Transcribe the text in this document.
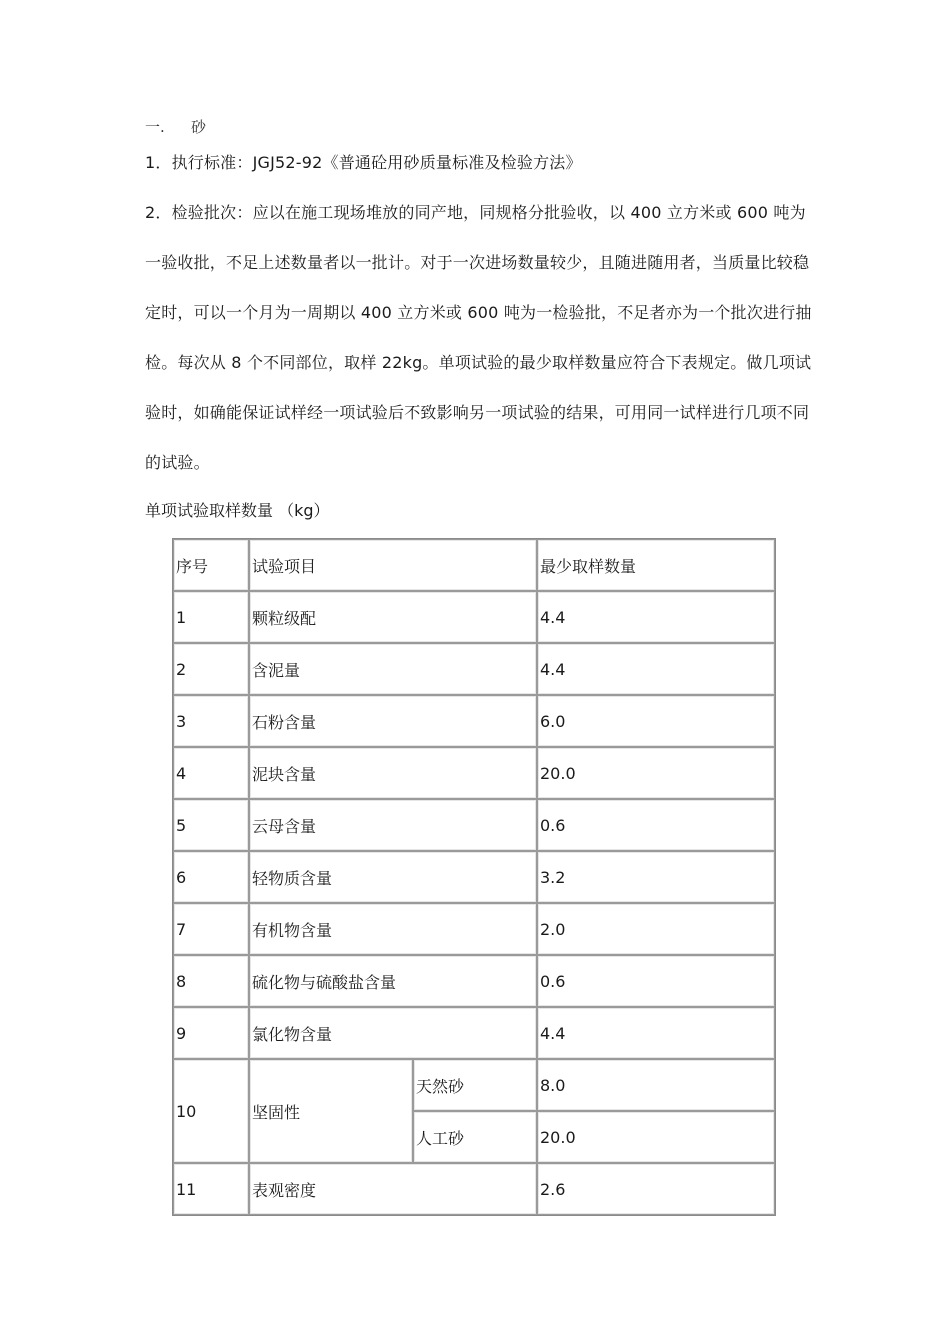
一. 砂
1．执行标准：JGJ52-92《普通砼用砂质量标准及检验方法》
2．检验批次：应以在施工现场堆放的同产地，同规格分批验收，以 400 立方米或 600 吨为一验收批，不足上述数量者以一批计。对于一次进场数量较少，且随进随用者，当质量比较稳定时，可以一个月为一周期以 400 立方米或 600 吨为一检验批，不足者亦为一个批次进行抽检。每次从 8 个不同部位，取样 22kg。单项试验的最少取样数量应符合下表规定。做几项试验时，如确能保证试样经一项试验后不致影响另一项试验的结果，可用同一试样进行几项不同的试验。
单项试验取样数量 （kg）
序号	试验项目		最少取样数量
1	颗粒级配		4.4
2	含泥量		4.4
3	石粉含量		6.0
4	泥块含量		20.0
5	云母含量		0.6
6	轻物质含量		3.2
7	有机物含量		2.0
8	硫化物与硫酸盐含量		0.6
9	氯化物含量		4.4
10	坚固性	天然砂	8.0
		人工砂	20.0
11	表观密度		2.6
